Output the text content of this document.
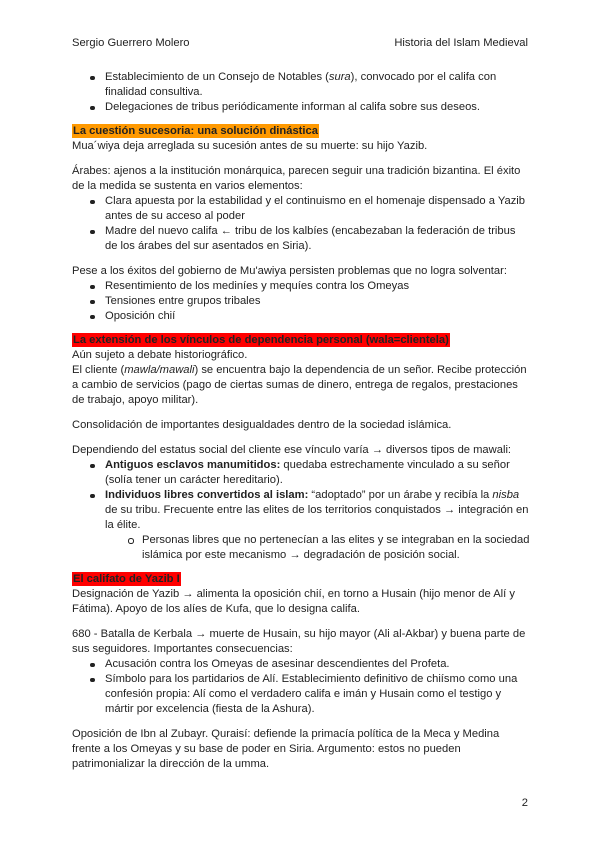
Sergio Guerrero Molero	Historia del Islam Medieval
Establecimiento de un Consejo de Notables (sura), convocado por el califa con finalidad consultiva.
Delegaciones de tribus periódicamente informan al califa sobre sus deseos.
La cuestión sucesoria: una solución dinástica

Mua´wiya deja arreglada su sucesión antes de su muerte: su hijo Yazib.

Árabes: ajenos a la institución monárquica, parecen seguir una tradición bizantina. El éxito de la medida se sustenta en varios elementos:

Clara apuesta por la estabilidad y el continuismo en el homenaje dispensado a Yazib antes de su acceso al poder
Madre del nuevo califa ← tribu de los kalbíes (encabezaban la federación de tribus de los árabes del sur asentados en Siria).

Pese a los éxitos del gobierno de Mu'awiya persisten problemas que no logra solventar:

Resentimiento de los mediníes y mequíes contra los Omeyas
Tensiones entre grupos tribales
Oposición chií
La extensión de los vínculos de dependencia personal (wala=clientela)

Aún sujeto a debate historiográfico.

El cliente (mawla/mawali) se encuentra bajo la dependencia de un señor. Recibe protección a cambio de servicios (pago de ciertas sumas de dinero, entrega de regalos, prestaciones de trabajo, apoyo militar).

Consolidación de importantes desigualdades dentro de la sociedad islámica.

Dependiendo del estatus social del cliente ese vínculo varía → diversos tipos de mawali:

Antiguos esclavos manumitidos: quedaba estrechamente vinculado a su señor (solía tener un carácter hereditario).
Individuos libres convertidos al islam: “adoptado” por un árabe y recibía la nisba de su tribu. Frecuente entre las elites de los territorios conquistados → integración en la élite.
Personas libres que no pertenecían a las elites y se integraban en la sociedad islámica por este mecanismo → degradación de posición social.
El califato de Yazib I

Designación de Yazib → alimenta la oposición chií, en torno a Husain (hijo menor de Alí y Fátima). Apoyo de los alíes de Kufa, que lo designa califa.

680 - Batalla de Kerbala → muerte de Husain, su hijo mayor (Ali al-Akbar) y buena parte de sus seguidores. Importantes consecuencias:

Acusación contra los Omeyas de asesinar descendientes del Profeta.
Símbolo para los partidarios de Alí. Establecimiento definitivo de chiísmo como una confesión propia: Alí como el verdadero califa e imán y Husain como el testigo y mártir por excelencia (fiesta de la Ashura).

Oposición de Ibn al Zubayr. Quraisí: defiende la primacía política de la Meca y Medina frente a los Omeyas y su base de poder en Siria. Argumento: estos no pueden patrimonializar la dirección de la umma.

2
